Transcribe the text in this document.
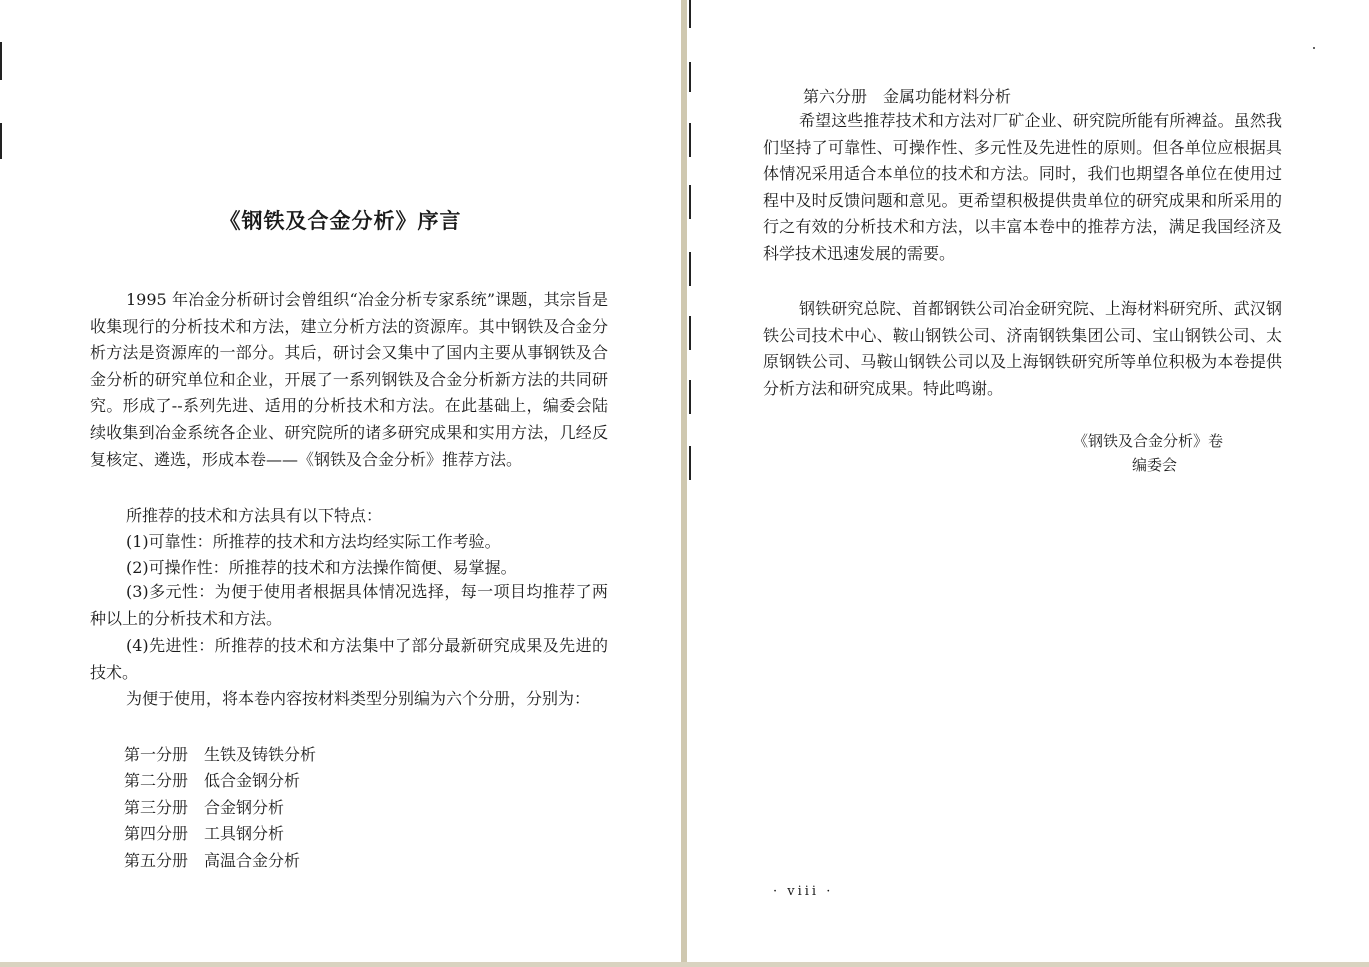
《钢铁及合金分析》序言

1995 年冶金分析研讨会曾组织“冶金分析专家系统”课题，其宗旨是收集现行的分析技术和方法，建立分析方法的资源库。其中钢铁及合金分析方法是资源库的一部分。其后，研讨会又集中了国内主要从事钢铁及合金分析的研究单位和企业，开展了一系列钢铁及合金分析新方法的共同研究。形成了--系列先进、适用的分析技术和方法。在此基础上，编委会陆续收集到冶金系统各企业、研究院所的诸多研究成果和实用方法，几经反复核定、遴选，形成本卷——《钢铁及合金分析》推荐方法。

所推荐的技术和方法具有以下特点：

(1)可靠性：所推荐的技术和方法均经实际工作考验。

(2)可操作性：所推荐的技术和方法操作简便、易掌握。

(3)多元性：为便于使用者根据具体情况选择，每一项目均推荐了两种以上的分析技术和方法。

(4)先进性：所推荐的技术和方法集中了部分最新研究成果及先进的技术。

为便于使用，将本卷内容按材料类型分别编为六个分册，分别为：

第一分册　生铁及铸铁分析

第二分册　低合金钢分析

第三分册　合金钢分析

第四分册　工具钢分析

第五分册　高温合金分析

第六分册　金属功能材料分析

希望这些推荐技术和方法对厂矿企业、研究院所能有所裨益。虽然我们坚持了可靠性、可操作性、多元性及先进性的原则。但各单位应根据具体情况采用适合本单位的技术和方法。同时，我们也期望各单位在使用过程中及时反馈问题和意见。更希望积极提供贵单位的研究成果和所采用的行之有效的分析技术和方法，以丰富本卷中的推荐方法，满足我国经济及科学技术迅速发展的需要。

钢铁研究总院、首都钢铁公司冶金研究院、上海材料研究所、武汉钢铁公司技术中心、鞍山钢铁公司、济南钢铁集团公司、宝山钢铁公司、太原钢铁公司、马鞍山钢铁公司以及上海钢铁研究所等单位积极为本卷提供分析方法和研究成果。特此鸣谢。

《钢铁及合金分析》卷

编委会

· viii ·
